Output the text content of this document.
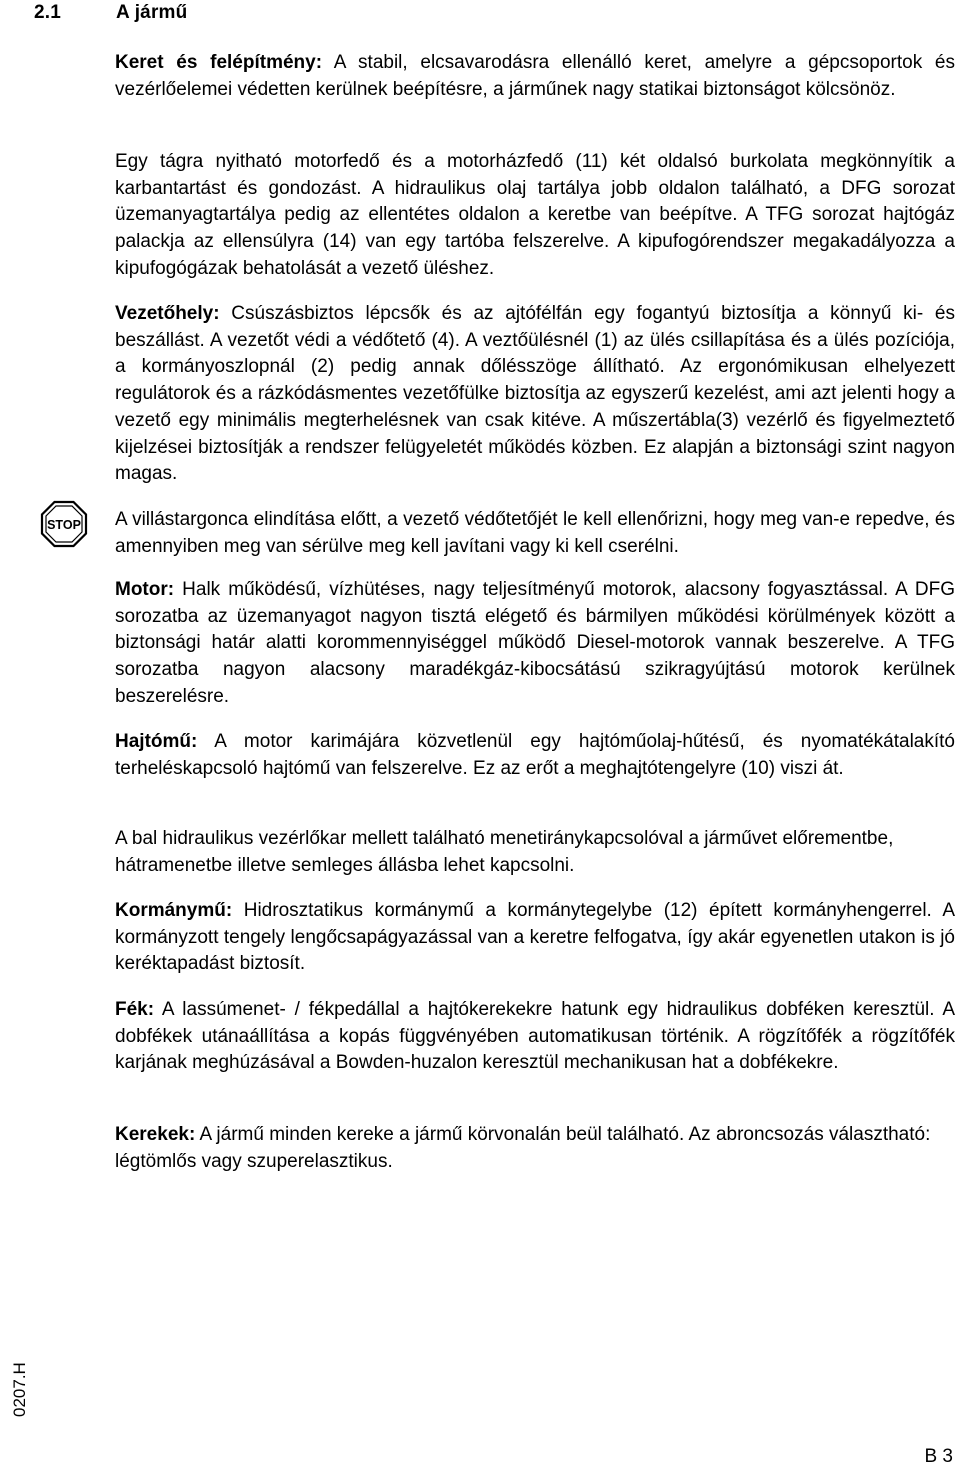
2.1	A jármű

Keret és felépítmény: A stabil, elcsavarodásra ellenálló keret, amelyre a gépcsoportok és vezérlőelemei védetten kerülnek beépítésre, a járműnek nagy statikai biztonságot kölcsönöz.

Egy tágra nyitható motorfedő és a motorházfedő (11) két oldalsó burkolata megkönnyítik a karbantartást és gondozást. A hidraulikus olaj tartálya jobb oldalon található, a DFG sorozat üzemanyagtartálya pedig az ellentétes oldalon a keretbe van beépítve. A TFG sorozat hajtógáz palackja az ellensúlyra (14) van egy tartóba felszerelve. A kipufogórendszer megakadályozza a kipufogógázak behatolását a vezető üléshez.

Vezetőhely: Csúszásbiztos lépcsők és az ajtófélfán egy fogantyú biztosítja a könnyű ki- és beszállást. A vezetőt védi a védőtető (4). A veztőülésnél (1) az ülés csillapítása és a ülés pozíciója, a kormányoszlopnál (2) pedig annak dőlésszöge állítható. Az ergonómikusan elhelyezett regulátorok és a rázkódásmentes vezetőfülke biztosítja az egyszerű kezelést, ami azt jelenti hogy a vezető egy minimális megterhelésnek van csak kitéve. A műszertábla(3) vezérlő és figyelmeztető kijelzései biztosítják a rendszer felügyeletét működés közben. Ez alapján a biztonsági szint nagyon magas.

STOP A villástargonca elindítása előtt, a vezető védőtetőjét le kell ellenőrizni, hogy meg van-e repedve, és amennyiben meg van sérülve meg kell javítani vagy ki kell cserélni.

Motor: Halk működésű, vízhütéses, nagy teljesítményű motorok, alacsony fogyasztással. A DFG sorozatba az üzemanyagot nagyon tisztá elégető és bármilyen működési körülmények között a biztonsági határ alatti korommennyiséggel működő Diesel-motorok vannak beszerelve. A TFG sorozatba nagyon alacsony maradékgáz-kibocsátású szikragyújtású motorok kerülnek beszerelésre.

Hajtómű: A motor karimájára közvetlenül egy hajtóműolaj-hűtésű, és nyomatékátalakító terheléskapcsoló hajtómű van felszerelve. Ez az erőt a meghajtótengelyre (10) viszi át.

A bal hidraulikus vezérlőkar mellett található menetiránykapcsolóval a járművet előrementbe, hátramenetbe illetve semleges állásba lehet kapcsolni.

Kormánymű: Hidrosztatikus kormánymű a kormánytegelybe (12) épített kormányhengerrel. A kormányzott tengely lengőcsapágyazással van a keretre felfogatva, így akár egyenetlen utakon is jó keréktapadást biztosít.

Fék: A lassúmenet- / fékpedállal a hajtókerekekre hatunk egy hidraulikus dobféken keresztül. A dobfékek utánaállítása a kopás függvényében automatikusan történik. A rögzítőfék a rögzítőfék karjának meghúzásával a Bowden-huzalon keresztül mechanikusan hat a dobfékekre.

Kerekek: A jármű minden kereke a jármű körvonalán beül található. Az abroncsozás választható: légtömlős vagy szuperelasztikus.

0207.H
B 3
